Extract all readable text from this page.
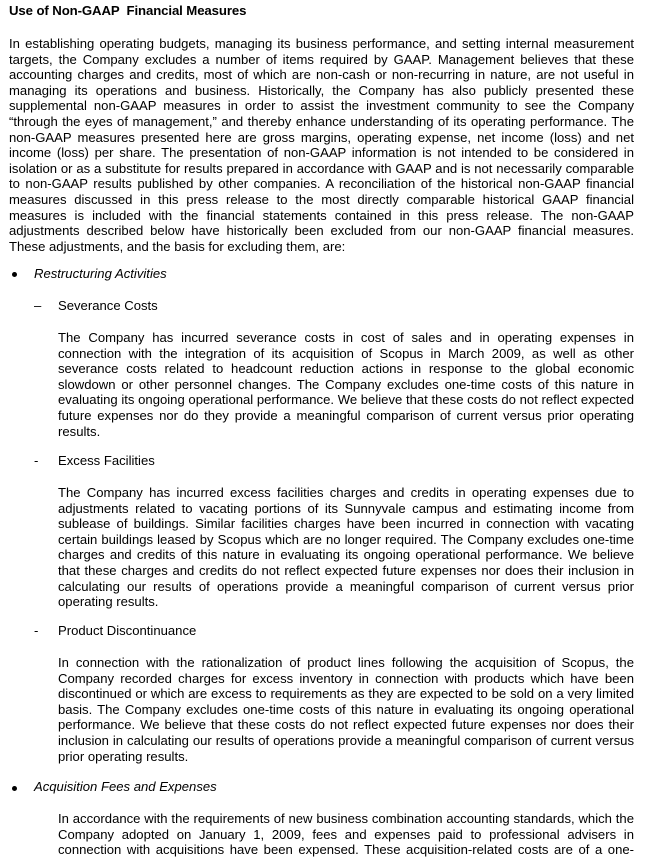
Use of Non-GAAP  Financial Measures

In establishing operating budgets, managing its business performance, and setting internal measurement targets, the Company excludes a number of items required by GAAP. Management believes that these accounting charges and credits, most of which are non-cash or non-recurring in nature, are not useful in managing its operations and business. Historically, the Company has also publicly presented these supplemental non-GAAP measures in order to assist the investment community to see the Company “through the eyes of management,” and thereby enhance understanding of its operating performance. The non-GAAP measures presented here are gross margins, operating expense, net income (loss) and net income (loss) per share. The presentation of non-GAAP information is not intended to be considered in isolation or as a substitute for results prepared in accordance with GAAP and is not necessarily comparable to non-GAAP results published by other companies. A reconciliation of the historical non-GAAP financial measures discussed in this press release to the most directly comparable historical GAAP financial measures is included with the financial statements contained in this press release. The non-GAAP adjustments described below have historically been excluded from our non-GAAP financial measures. These adjustments, and the basis for excluding them, are:

Restructuring Activities
– Severance Costs

The Company has incurred severance costs in cost of sales and in operating expenses in connection with the integration of its acquisition of Scopus in March 2009, as well as other severance costs related to headcount reduction actions in response to the global economic slowdown or other personnel changes. The Company excludes one-time costs of this nature in evaluating its ongoing operational performance. We believe that these costs do not reflect expected future expenses nor do they provide a meaningful comparison of current versus prior operating results.

- Excess Facilities

The Company has incurred excess facilities charges and credits in operating expenses due to adjustments related to vacating portions of its Sunnyvale campus and estimating income from sublease of buildings. Similar facilities charges have been incurred in connection with vacating certain buildings leased by Scopus which are no longer required. The Company excludes one-time charges and credits of this nature in evaluating its ongoing operational performance. We believe that these charges and credits do not reflect expected future expenses nor does their inclusion in calculating our results of operations provide a meaningful comparison of current versus prior operating results.

- Product Discontinuance

In connection with the rationalization of product lines following the acquisition of Scopus, the Company recorded charges for excess inventory in connection with products which have been discontinued or which are excess to requirements as they are expected to be sold on a very limited basis. The Company excludes one-time costs of this nature in evaluating its ongoing operational performance. We believe that these costs do not reflect expected future expenses nor does their inclusion in calculating our results of operations provide a meaningful comparison of current versus prior operating results.

Acquisition Fees and Expenses

In accordance with the requirements of new business combination accounting standards, which the Company adopted on January 1, 2009, fees and expenses paid to professional advisers in connection with acquisitions have been expensed. These acquisition-related costs are of a one-
